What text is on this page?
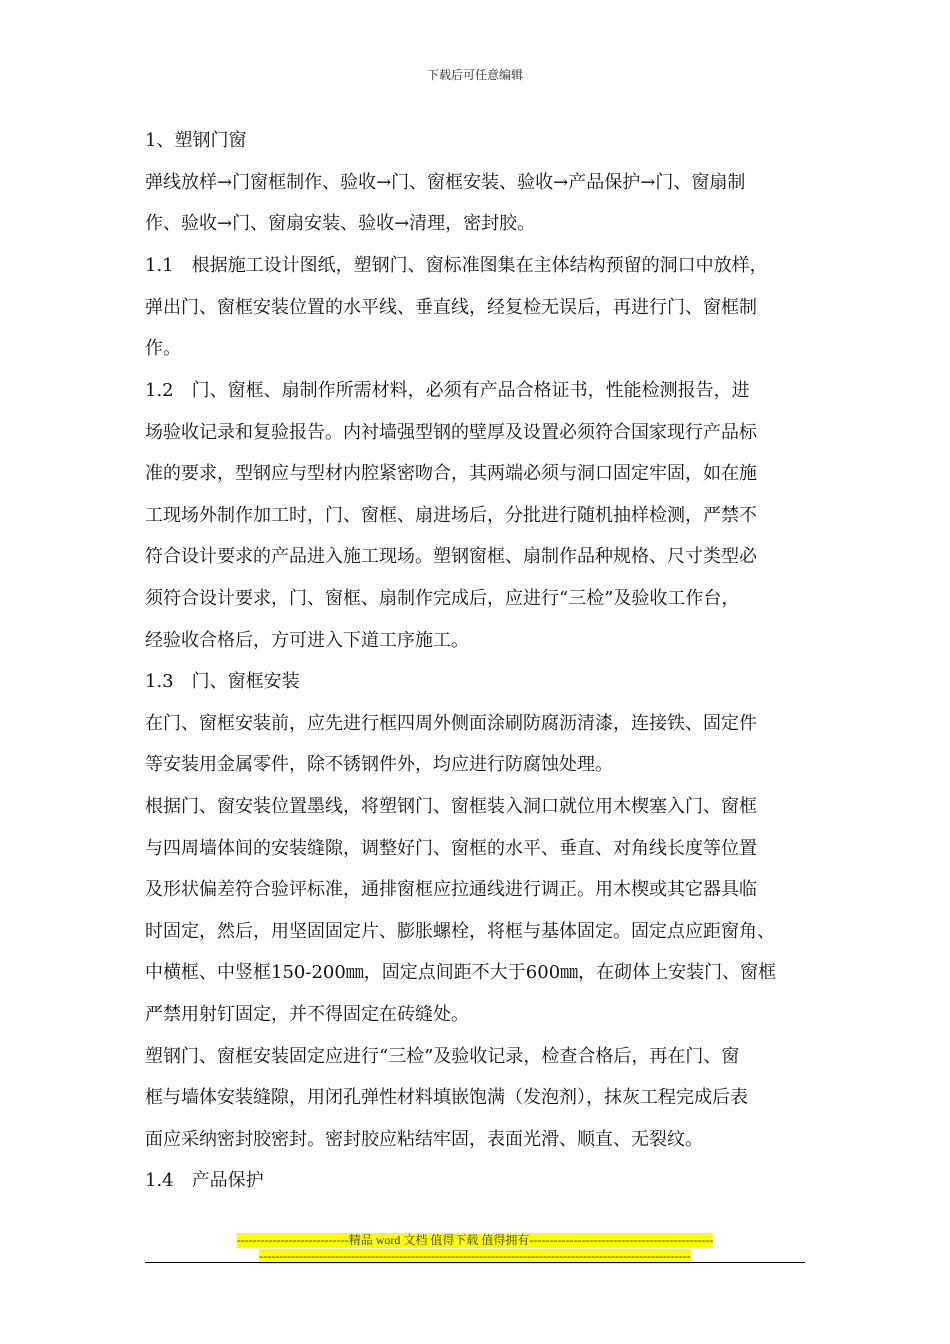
下载后可任意编辑
1、塑钢门窗
弹线放样→门窗框制作、验收→门、窗框安装、验收→产品保护→门、窗扇制
作、验收→门、窗扇安装、验收→清理，密封胶。
1.1　根据施工设计图纸，塑钢门、窗标准图集在主体结构预留的洞口中放样，
弹出门、窗框安装位置的水平线、垂直线，经复检无误后，再进行门、窗框制
作。
1.2　门、窗框、扇制作所需材料，必须有产品合格证书，性能检测报告，进
场验收记录和复验报告。内衬墙强型钢的壁厚及设置必须符合国家现行产品标
准的要求，型钢应与型材内腔紧密吻合，其两端必须与洞口固定牢固，如在施
工现场外制作加工时，门、窗框、扇进场后，分批进行随机抽样检测，严禁不
符合设计要求的产品进入施工现场。塑钢窗框、扇制作品种规格、尺寸类型必
须符合设计要求，门、窗框、扇制作完成后，应进行“三检”及验收工作台，
经验收合格后，方可进入下道工序施工。
1.3　门、窗框安装
在门、窗框安装前，应先进行框四周外侧面涂刷防腐沥清漆，连接铁、固定件
等安装用金属零件，除不锈钢件外，均应进行防腐蚀处理。
根据门、窗安装位置墨线，将塑钢门、窗框装入洞口就位用木楔塞入门、窗框
与四周墙体间的安装缝隙，调整好门、窗框的水平、垂直、对角线长度等位置
及形状偏差符合验评标准，通排窗框应拉通线进行调正。用木楔或其它器具临
时固定，然后，用坚固固定片、膨胀螺栓，将框与基体固定。固定点应距窗角、
中横框、中竖框150-200㎜，固定点间距不大于600㎜，在砌体上安装门、窗框
严禁用射钉固定，并不得固定在砖缝处。
塑钢门、窗框安装固定应进行“三检”及验收记录，检查合格后，再在门、窗
框与墙体安装缝隙，用闭孔弹性材料填嵌饱满（发泡剂），抹灰工程完成后表
面应采纳密封胶密封。密封胶应粘结牢固，表面光滑、顺直、无裂纹。
1.4　产品保护
----------------------------精品 word 文档 值得下载 值得拥有----------------------------------------------
------------------------------------------------------------------------------------------------------------
